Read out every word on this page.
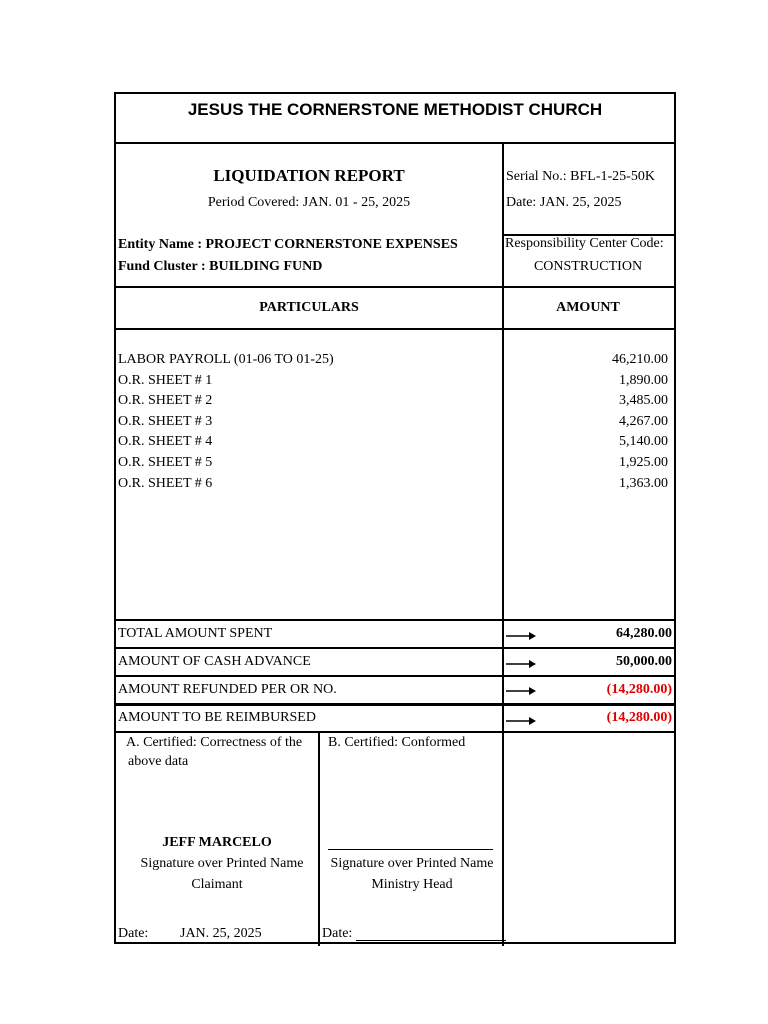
JESUS THE CORNERSTONE METHODIST CHURCH
LIQUIDATION REPORT
Period Covered: JAN. 01 - 25, 2025
Serial No.: BFL-1-25-50K
Date: JAN. 25, 2025
Entity Name : PROJECT CORNERSTONE EXPENSES
Fund Cluster : BUILDING FUND
Responsibility Center Code:
CONSTRUCTION
PARTICULARS	AMOUNT
LABOR PAYROLL (01-06 TO 01-25)	46,210.00
O.R. SHEET # 1	1,890.00
O.R. SHEET # 2	3,485.00
O.R. SHEET # 3	4,267.00
O.R. SHEET # 4	5,140.00
O.R. SHEET # 5	1,925.00
O.R. SHEET # 6	1,363.00
TOTAL AMOUNT SPENT	64,280.00
AMOUNT OF CASH ADVANCE	50,000.00
AMOUNT REFUNDED PER OR NO.	(14,280.00)
AMOUNT TO BE REIMBURSED	(14,280.00)
A. Certified: Correctness of the
above data
JEFF MARCELO
Signature over Printed Name
Claimant
Date: JAN. 25, 2025
B. Certified: Conformed
Signature over Printed Name
Ministry Head
Date:
